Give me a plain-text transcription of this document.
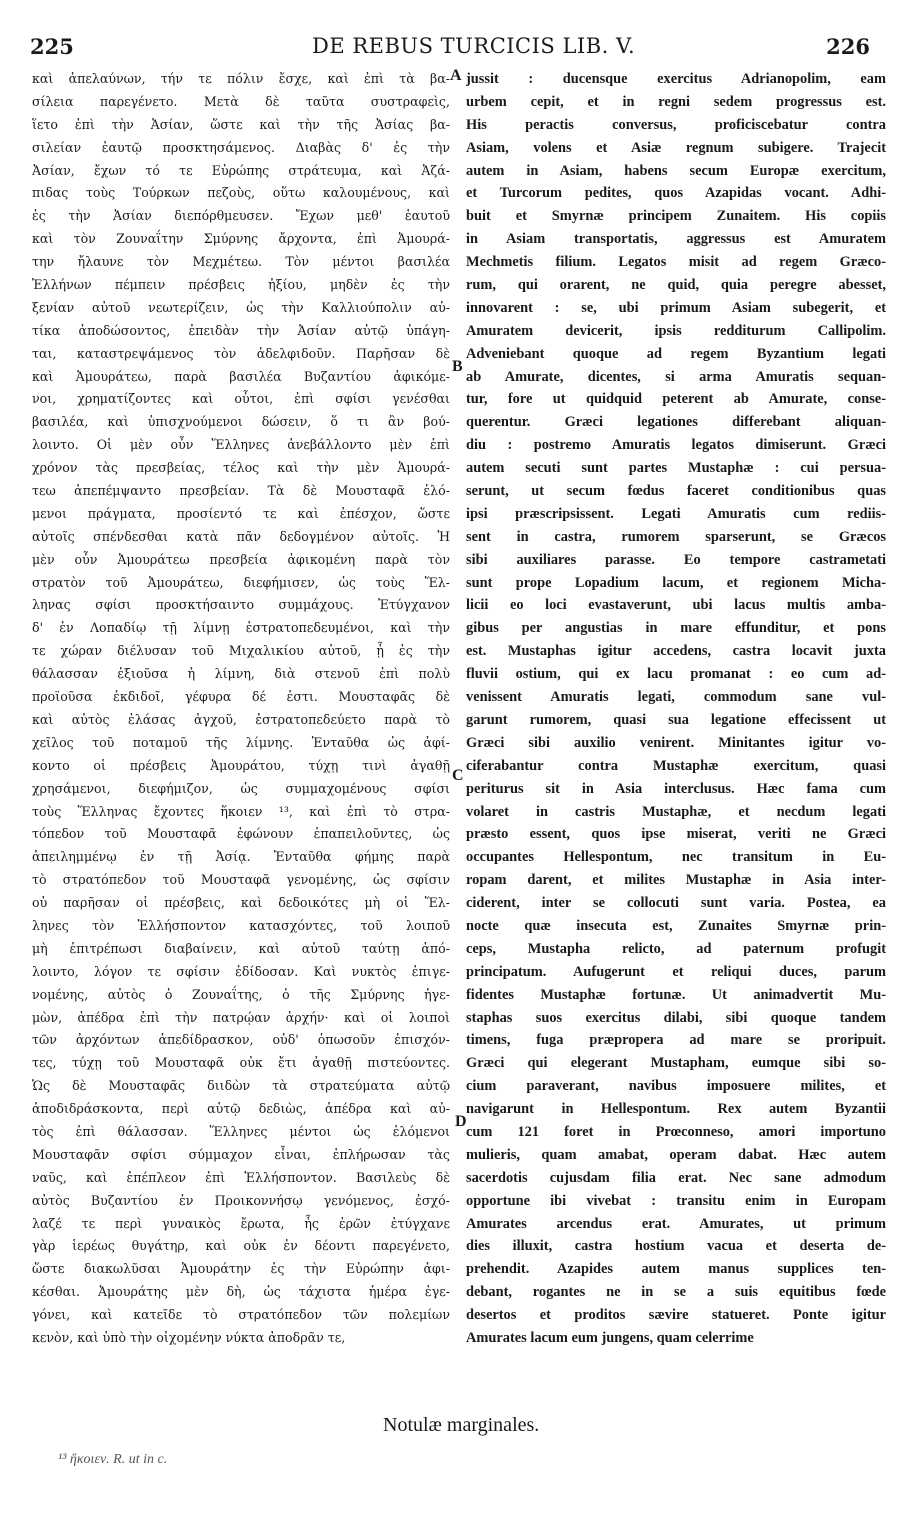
225	DE REBUS TURCICIS LIB. V.	226
καὶ ἀπελαύνων, τήν τε πόλιν ἔσχε, καὶ ἐπὶ τὰ βα-
σίλεια παρεγένετο. Μετὰ δὲ ταῦτα συστραφεὶς,
ἵετο ἐπὶ τὴν Ἀσίαν, ὥστε καὶ τὴν τῆς Ἀσίας βα-
σιλείαν ἑαυτῷ προσκτησάμενος. Διαβὰς δ' ἐς τὴν
Ἀσίαν, ἔχων τό τε Εὐρώπης στράτευμα, καὶ Ἀζά-
πιδας τοὺς Τούρκων πεζοὺς, οὕτω καλουμένους, καὶ
ἐς τὴν Ἀσίαν διεπόρθμευσεν. Ἔχων μεθ' ἑαυτοῦ
καὶ τὸν Ζουναΐτην Σμύρνης ἄρχοντα, ἐπὶ Ἀμουρά-
την ἤλαυνε τὸν Μεχμέτεω. Τὸν μέντοι βασιλέα
Ἑλλήνων πέμπειν πρέσβεις ἠξίου, μηδὲν ἐς τὴν
ξενίαν αὐτοῦ νεωτερίζειν, ὡς τὴν Καλλιούπολιν αὐ-
τίκα ἀποδώσοντος, ἐπειδὰν τὴν Ἀσίαν αὐτῷ ὑπάγη-
ται, καταστρεψάμενος τὸν ἀδελφιδοῦν. Παρῆσαν δὲ
καὶ Ἀμουράτεω, παρὰ βασιλέα Βυζαντίου ἀφικόμε-
νοι, χρηματίζοντες καὶ οὗτοι, ἐπὶ σφίσι γενέσθαι
βασιλέα, καὶ ὑπισχνούμενοι δώσειν, ὅ τι ἂν βού-
λοιντο. Οἱ μὲν οὖν Ἕλληνες ἀνεβάλλοντο μὲν ἐπὶ
χρόνον τὰς πρεσβείας, τέλος καὶ τὴν μὲν Ἀμουρά-
τεω ἀπεπέμψαντο πρεσβείαν. Τὰ δὲ Μουσταφᾶ ἑλό-
μενοι πράγματα, προσίεντό τε καὶ ἐπέσχον, ὥστε
αὐτοῖς σπένδεσθαι κατὰ πᾶν δεδογμένον αὐτοῖς. Ἡ
μὲν οὖν Ἀμουράτεω πρεσβεία ἀφικομένη παρὰ τὸν
στρατὸν τοῦ Ἀμουράτεω, διεφήμισεν, ὡς τοὺς Ἕλ-
ληνας σφίσι προσκτήσαιντο συμμάχους. Ἐτύγχανον
δ' ἐν Λοπαδίῳ τῇ λίμνῃ ἐστρατοπεδευμένοι, καὶ τὴν
τε χώραν διέλυσαν τοῦ Μιχαλικίου αὐτοῦ, ᾗ ἐς τὴν
θάλασσαν ἐξιοῦσα ἡ λίμνη, διὰ στενοῦ ἐπὶ πολὺ
προϊοῦσα ἐκδιδοῖ, γέφυρα δέ ἐστι. Μουσταφᾶς δὲ
καὶ αὐτὸς ἐλάσας ἀγχοῦ, ἐστρατοπεδεύετο παρὰ τὸ
χεῖλος τοῦ ποταμοῦ τῆς λίμνης. Ἐνταῦθα ὡς ἀφί-
κοντο οἱ πρέσβεις Ἀμουράτου, τύχῃ τινὶ ἀγαθῇ
χρησάμενοι, διεφήμιζον, ὡς συμμαχομένους σφίσι
τοὺς Ἕλληνας ἔχοντες ἥκοιεν ¹³, καὶ ἐπὶ τὸ στρα-
τόπεδον τοῦ Μουσταφᾶ ἐφώνουν ἐπαπειλοῦντες, ὡς
ἀπειλημμένῳ ἐν τῇ Ἀσίᾳ. Ἐνταῦθα φήμης παρὰ
τὸ στρατόπεδον τοῦ Μουσταφᾶ γενομένης, ὡς σφίσιν
οὐ παρῆσαν οἱ πρέσβεις, καὶ δεδοικότες μὴ οἱ Ἕλ-
ληνες τὸν Ἑλλήσποντον κατασχόντες, τοῦ λοιποῦ
μὴ ἐπιτρέπωσι διαβαίνειν, καὶ αὐτοῦ ταύτῃ ἀπό-
λοιντο, λόγον τε σφίσιν ἐδίδοσαν. Καὶ νυκτὸς ἐπιγε-
νομένης, αὐτὸς ὁ Ζουναΐτης, ὁ τῆς Σμύρνης ἡγε-
μὼν, ἀπέδρα ἐπὶ τὴν πατρῴαν ἀρχήν· καὶ οἱ λοιποὶ
τῶν ἀρχόντων ἀπεδίδρασκον, οὐδ' ὁπωσοῦν ἐπισχόν-
τες, τύχῃ τοῦ Μουσταφᾶ οὐκ ἔτι ἀγαθῇ πιστεύοντες.
Ὡς δὲ Μουσταφᾶς διιδὼν τὰ στρατεύματα αὐτῷ
ἀποδιδράσκοντα, περὶ αὑτῷ δεδιὼς, ἀπέδρα καὶ αὐ-
τὸς ἐπὶ θάλασσαν. Ἕλληνες μέντοι ὡς ἑλόμενοι
Μουσταφᾶν σφίσι σύμμαχον εἶναι, ἐπλήρωσαν τὰς
ναῦς, καὶ ἐπέπλεον ἐπὶ Ἑλλήσποντον. Βασιλεὺς δὲ
αὐτὸς Βυζαντίου ἐν Προικοννήσῳ γενόμενος, ἐσχό-
λαζέ τε περὶ γυναικὸς ἔρωτα, ἧς ἐρῶν ἐτύγχανε
γὰρ ἱερέως θυγάτηρ, καὶ οὐκ ἐν δέοντι παρεγένετο,
ὥστε διακωλῦσαι Ἀμουράτην ἐς τὴν Εὐρώπην ἀφι-
κέσθαι. Ἀμουράτης μὲν δὴ, ὡς τάχιστα ἡμέρα ἐγε-
γόνει, καὶ κατεῖδε τὸ στρατόπεδον τῶν πολεμίων
κενὸν, καὶ ὑπὸ τὴν οἰχομένην νύκτα ἀποδρᾶν τε,
jussit : ducensque exercitus Adrianopolim, eam
urbem cepit, et in regni sedem progressus est.
His peractis conversus, proficiscebatur contra
Asiam, volens et Asiæ regnum subigere. Trajecit
autem in Asiam, habens secum Europæ exercitum,
et Turcorum pedites, quos Azapidas vocant. Adhi-
buit et Smyrnæ principem Zunaitem. His copiis
in Asiam transportatis, aggressus est Amuratem
Mechmetis filium. Legatos misit ad regem Græco-
rum, qui orarent, ne quid, quia peregre abesset,
innovarent : se, ubi primum Asiam subegerit, et
Amuratem devicerit, ipsis redditurum Callipolim.
Adveniebant quoque ad regem Byzantium legati
ab Amurate, dicentes, si arma Amuratis sequan-
tur, fore ut quidquid peterent ab Amurate, conse-
querentur. Græci legationes differebant aliquan-
diu : postremo Amuratis legatos dimiserunt. Græci
autem secuti sunt partes Mustaphæ : cui persua-
serunt, ut secum fœdus faceret conditionibus quas
ipsi præscripsissent. Legati Amuratis cum rediis-
sent in castra, rumorem sparserunt, se Græcos
sibi auxiliares parasse. Eo tempore castrametati
sunt prope Lopadium lacum, et regionem Micha-
licii eo loci evastaverunt, ubi lacus multis amba-
gibus per angustias in mare effunditur, et pons
est. Mustaphas igitur accedens, castra locavit juxta
fluvii ostium, qui ex lacu promanat : eo cum ad-
venissent Amuratis legati, commodum sane vul-
garunt rumorem, quasi sua legatione effecissent ut
Græci sibi auxilio venirent. Minitantes igitur vo-
ciferabantur contra Mustaphæ exercitum, quasi
periturus sit in Asia interclusus. Hæc fama cum
volaret in castris Mustaphæ, et necdum legati
præsto essent, quos ipse miserat, veriti ne Græci
occupantes Hellespontum, nec transitum in Eu-
ropam darent, et milites Mustaphæ in Asia inter-
ciderent, inter se collocuti sunt varia. Postea, ea
nocte quæ insecuta est, Zunaites Smyrnæ prin-
ceps, Mustapha relicto, ad paternum profugit
principatum. Aufugerunt et reliqui duces, parum
fidentes Mustaphæ fortunæ. Ut animadvertit Mu-
staphas suos exercitus dilabi, sibi quoque tandem
timens, fuga præpropera ad mare se proripuit.
Græci qui elegerant Mustapham, eumque sibi so-
cium paraverant, navibus imposuere milites, et
navigarunt in Hellespontum. Rex autem Byzantii
cum 121 foret in Prœconneso, amori importuno
mulieris, quam amabat, operam dabat. Hæc autem
sacerdotis cujusdam filia erat. Nec sane admodum
opportune ibi vivebat : transitu enim in Europam
Amurates arcendus erat. Amurates, ut primum
dies illuxit, castra hostium vacua et deserta de-
prehendit. Azapides autem manus supplices ten-
debant, rogantes ne in se a suis equitibus fœde
desertos et proditos sævire statueret. Ponte igitur
Amurates lacum eum jungens, quam celerrime
A
B
C
D
Notulæ marginales.
¹³ ἥκοιεν. R. ut in c.
